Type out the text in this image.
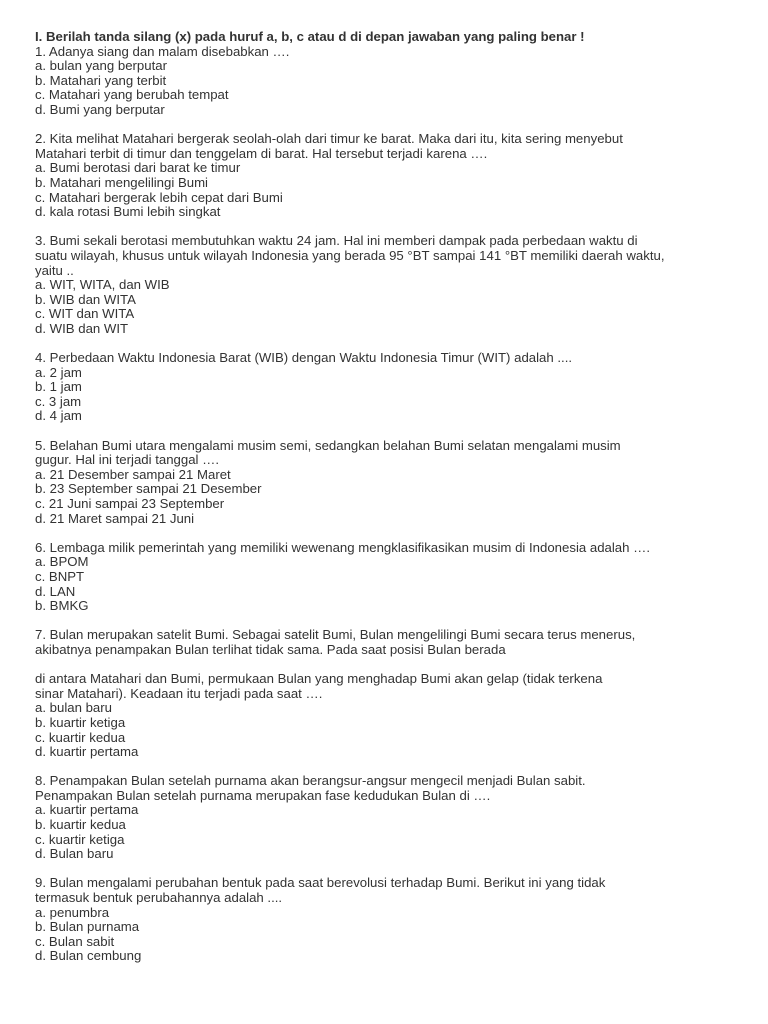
I. Berilah tanda silang (x) pada huruf a, b, c atau d di depan jawaban yang paling benar !
1. Adanya siang dan malam disebabkan ….
a. bulan yang berputar
b. Matahari yang terbit
c. Matahari yang berubah tempat
d. Bumi yang berputar
2. Kita melihat Matahari bergerak seolah-olah dari timur ke barat. Maka dari itu, kita sering menyebut
Matahari terbit di timur dan tenggelam di barat. Hal tersebut terjadi karena ….
a. Bumi berotasi dari barat ke timur
b. Matahari mengelilingi Bumi
c. Matahari bergerak lebih cepat dari Bumi
d. kala rotasi Bumi lebih singkat
3. Bumi sekali berotasi membutuhkan waktu 24 jam. Hal ini memberi dampak pada perbedaan waktu di
suatu wilayah, khusus untuk wilayah Indonesia yang berada 95 °BT sampai 141 °BT memiliki daerah waktu,
yaitu ..
a. WIT, WITA, dan WIB
b. WIB dan WITA
c. WIT dan WITA
d. WIB dan WIT
4. Perbedaan Waktu Indonesia Barat (WIB) dengan Waktu Indonesia Timur (WIT) adalah ....
a. 2 jam
b. 1 jam
c. 3 jam
d. 4 jam
5. Belahan Bumi utara mengalami musim semi, sedangkan belahan Bumi selatan mengalami musim
gugur. Hal ini terjadi tanggal ….
a. 21 Desember sampai 21 Maret
b. 23 September sampai 21 Desember
c. 21 Juni sampai 23 September
d. 21 Maret sampai 21 Juni
6. Lembaga milik pemerintah yang memiliki wewenang mengklasifikasikan musim di Indonesia adalah ….
a. BPOM
c. BNPT
d. LAN
b. BMKG
7. Bulan merupakan satelit Bumi. Sebagai satelit Bumi, Bulan mengelilingi Bumi secara terus menerus,
akibatnya penampakan Bulan terlihat tidak sama. Pada saat posisi Bulan berada
di antara Matahari dan Bumi, permukaan Bulan yang menghadap Bumi akan gelap (tidak terkena
sinar Matahari). Keadaan itu terjadi pada saat ….
a. bulan baru
b. kuartir ketiga
c. kuartir kedua
d. kuartir pertama
8. Penampakan Bulan setelah purnama akan berangsur-angsur mengecil menjadi Bulan sabit.
Penampakan Bulan setelah purnama merupakan fase kedudukan Bulan di ….
a. kuartir pertama
b. kuartir kedua
c. kuartir ketiga
d. Bulan baru
9. Bulan mengalami perubahan bentuk pada saat berevolusi terhadap Bumi. Berikut ini yang tidak
termasuk bentuk perubahannya adalah ....
a. penumbra
b. Bulan purnama
c. Bulan sabit
d. Bulan cembung
